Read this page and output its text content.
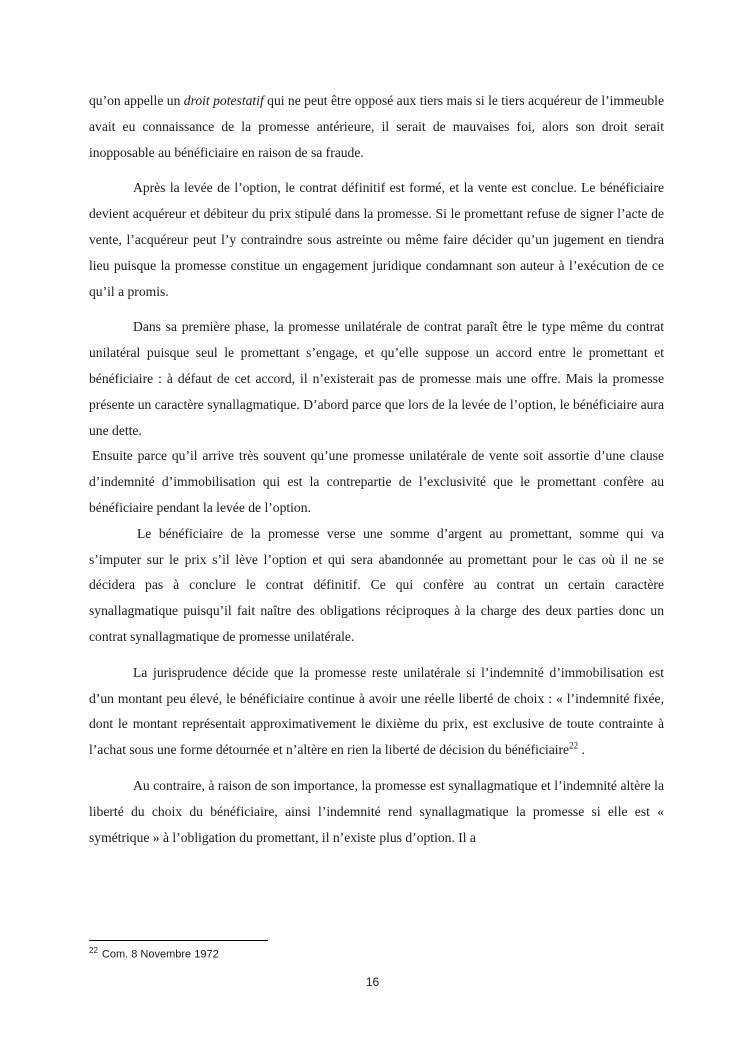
qu’on appelle un droit potestatif qui ne peut être opposé aux tiers mais si le tiers acquéreur de l’immeuble avait eu connaissance de la promesse antérieure, il serait de mauvaises foi, alors son droit serait inopposable au bénéficiaire en raison de sa fraude.

Après la levée de l’option, le contrat définitif est formé, et la vente est conclue. Le bénéficiaire devient acquéreur et débiteur du prix stipulé dans la promesse. Si le promettant refuse de signer l’acte de vente, l’acquéreur peut l’y contraindre sous astreinte ou même faire décider qu’un jugement en tiendra lieu puisque la promesse constitue un engagement juridique condamnant son auteur à l’exécution de ce qu’il a promis.

Dans sa première phase, la promesse unilatérale de contrat paraît être le type même du contrat unilatéral puisque seul le promettant s’engage, et qu’elle suppose un accord entre le promettant et bénéficiaire : à défaut de cet accord, il n’existerait pas de promesse mais une offre. Mais la promesse présente un caractère synallagmatique. D’abord parce que lors de la levée de l’option, le bénéficiaire aura une dette.

Ensuite parce qu’il arrive très souvent qu’une promesse unilatérale de vente soit assortie d’une clause d’indemnité d’immobilisation qui est la contrepartie de l’exclusivité que le promettant confère au bénéficiaire pendant la levée de l’option.

Le bénéficiaire de la promesse verse une somme d’argent au promettant, somme qui va s’imputer sur le prix s’il lève l’option et qui sera abandonnée au promettant pour le cas où il ne se décidera pas à conclure le contrat définitif. Ce qui confère au contrat un certain caractère synallagmatique puisqu’il fait naître des obligations réciproques à la charge des deux parties donc un contrat synallagmatique de promesse unilatérale.

La jurisprudence décide que la promesse reste unilatérale si l’indemnité d’immobilisation est d’un montant peu élevé, le bénéficiaire continue à avoir une réelle liberté de choix : « l’indemnité fixée, dont le montant représentait approximativement le dixième du prix, est exclusive de toute contrainte à l’achat sous une forme détournée et n’altère en rien la liberté de décision du bénéficiaire$^{22}$ .

Au contraire, à raison de son importance, la promesse est synallagmatique et l’indemnité altère la liberté du choix du bénéficiaire, ainsi l’indemnité rend synallagmatique la promesse si elle est « symétrique » à l’obligation du promettant, il n’existe plus d’option. Il a

$^{22}$ Com. 8 Novembre 1972
16
